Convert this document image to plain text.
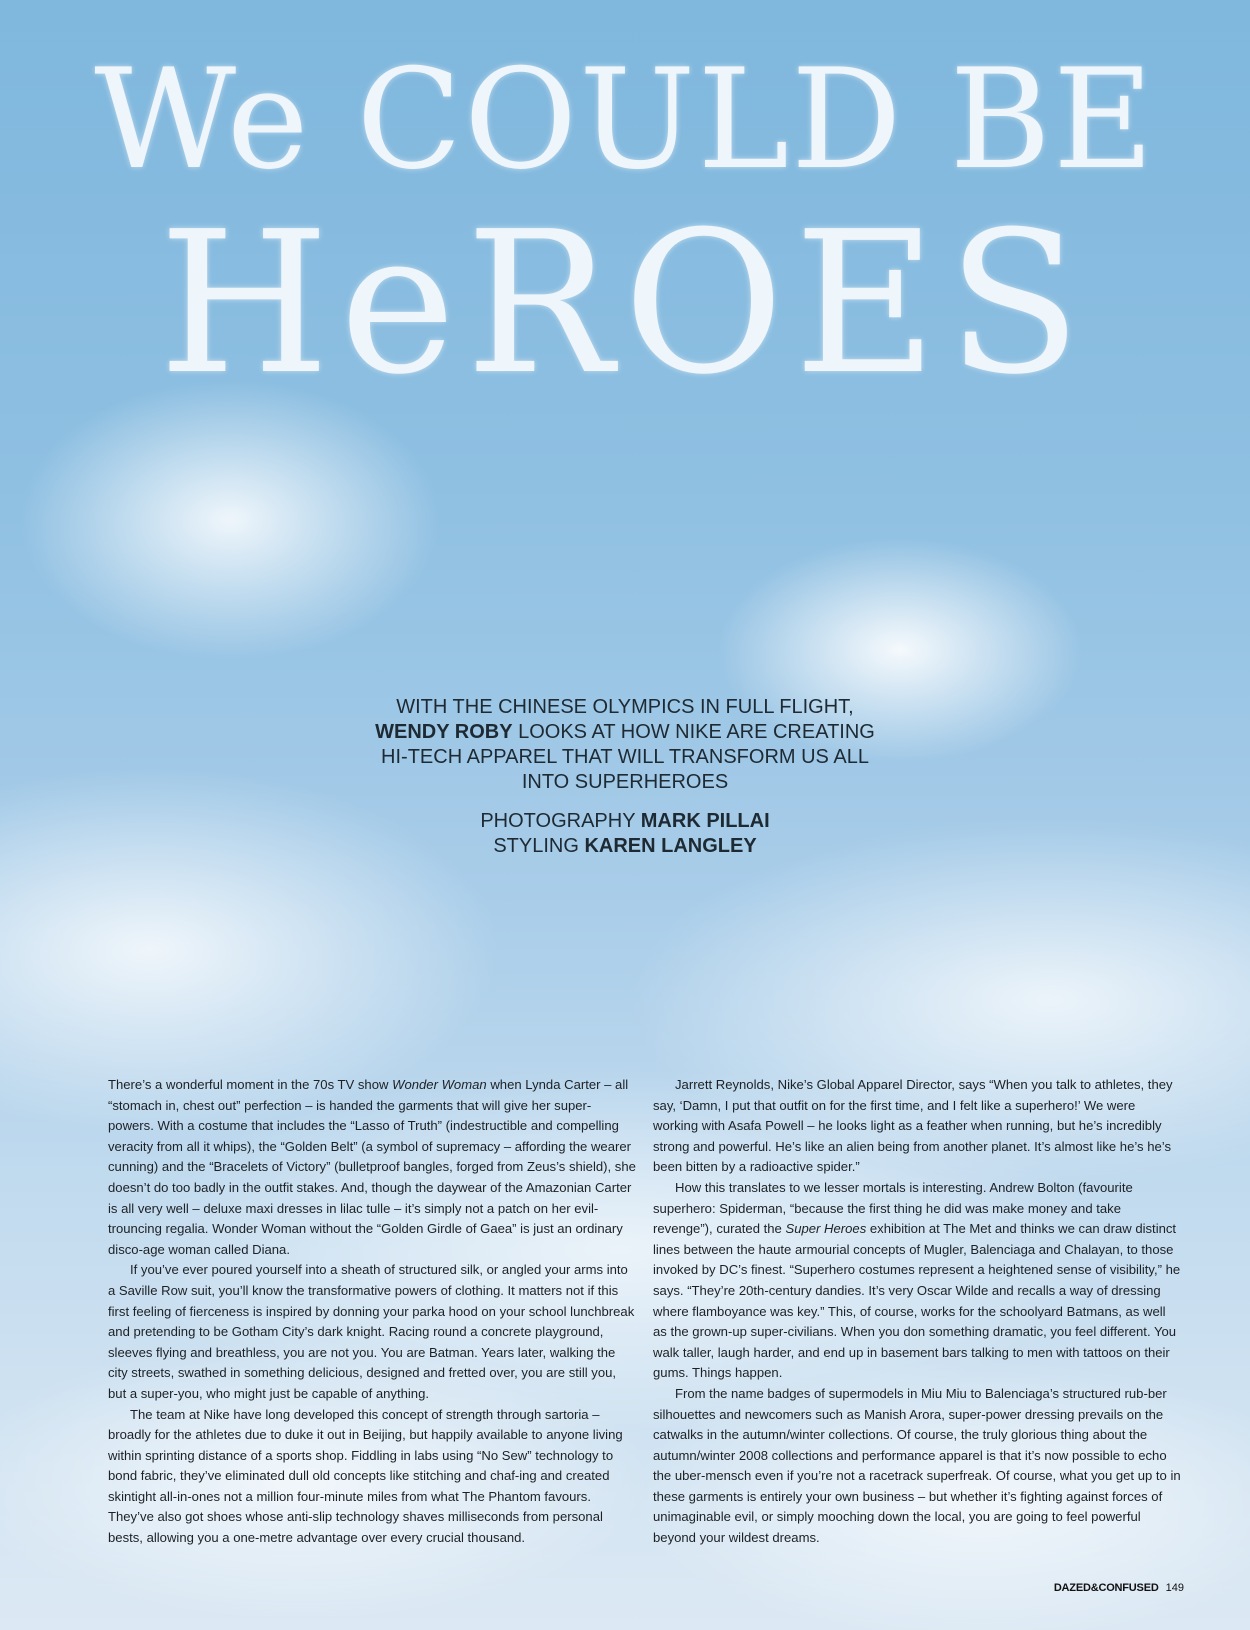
We COULD BE
HeROES
WITH THE CHINESE OLYMPICS IN FULL FLIGHT,
WENDY ROBY LOOKS AT HOW NIKE ARE CREATING
HI-TECH APPAREL THAT WILL TRANSFORM US ALL
INTO SUPERHEROES
PHOTOGRAPHY MARK PILLAI
STYLING KAREN LANGLEY

There’s a wonderful moment in the 70s TV show Wonder Woman when Lynda Carter – all “stomach in, chest out” perfection – is handed the garments that will give her super-powers. With a costume that includes the “Lasso of Truth” (indestructible and compelling veracity from all it whips), the “Golden Belt” (a symbol of supremacy – affording the wearer cunning) and the “Bracelets of Victory” (bulletproof bangles, forged from Zeus’s shield), she doesn’t do too badly in the outfit stakes. And, though the daywear of the Amazonian Carter is all very well – deluxe maxi dresses in lilac tulle – it’s simply not a patch on her evil-trouncing regalia. Wonder Woman without the “Golden Girdle of Gaea” is just an ordinary disco-age woman called Diana.

If you’ve ever poured yourself into a sheath of structured silk, or angled your arms into a Saville Row suit, you’ll know the transformative powers of clothing. It matters not if this first feeling of fierceness is inspired by donning your parka hood on your school lunchbreak and pretending to be Gotham City’s dark knight. Racing round a concrete playground, sleeves flying and breathless, you are not you. You are Batman. Years later, walking the city streets, swathed in something delicious, designed and fretted over, you are still you, but a super-you, who might just be capable of anything.

The team at Nike have long developed this concept of strength through sartoria – broadly for the athletes due to duke it out in Beijing, but happily available to anyone living within sprinting distance of a sports shop. Fiddling in labs using “No Sew” technology to bond fabric, they’ve eliminated dull old concepts like stitching and chaf-ing and created skintight all-in-ones not a million four-minute miles from what The Phantom favours. They’ve also got shoes whose anti-slip technology shaves milliseconds from personal bests, allowing you a one-metre advantage over every crucial thousand.

Jarrett Reynolds, Nike’s Global Apparel Director, says “When you talk to athletes, they say, ‘Damn, I put that outfit on for the first time, and I felt like a superhero!’ We were working with Asafa Powell – he looks light as a feather when running, but he’s incredibly strong and powerful. He’s like an alien being from another planet. It’s almost like he’s he’s been bitten by a radioactive spider.”

How this translates to we lesser mortals is interesting. Andrew Bolton (favourite superhero: Spiderman, “because the first thing he did was make money and take revenge”), curated the Super Heroes exhibition at The Met and thinks we can draw distinct lines between the haute armourial concepts of Mugler, Balenciaga and Chalayan, to those invoked by DC’s finest. “Superhero costumes represent a heightened sense of visibility,” he says. “They’re 20th-century dandies. It’s very Oscar Wilde and recalls a way of dressing where flamboyance was key.” This, of course, works for the schoolyard Batmans, as well as the grown-up super-civilians. When you don something dramatic, you feel different. You walk taller, laugh harder, and end up in basement bars talking to men with tattoos on their gums. Things happen.

From the name badges of supermodels in Miu Miu to Balenciaga’s structured rub-ber silhouettes and newcomers such as Manish Arora, super-power dressing prevails on the catwalks in the autumn/winter collections. Of course, the truly glorious thing about the autumn/winter 2008 collections and performance apparel is that it’s now possible to echo the uber-mensch even if you’re not a racetrack superfreak. Of course, what you get up to in these garments is entirely your own business – but whether it’s fighting against forces of unimaginable evil, or simply mooching down the local, you are going to feel powerful beyond your wildest dreams.

DAZED&CONFUSED 149
